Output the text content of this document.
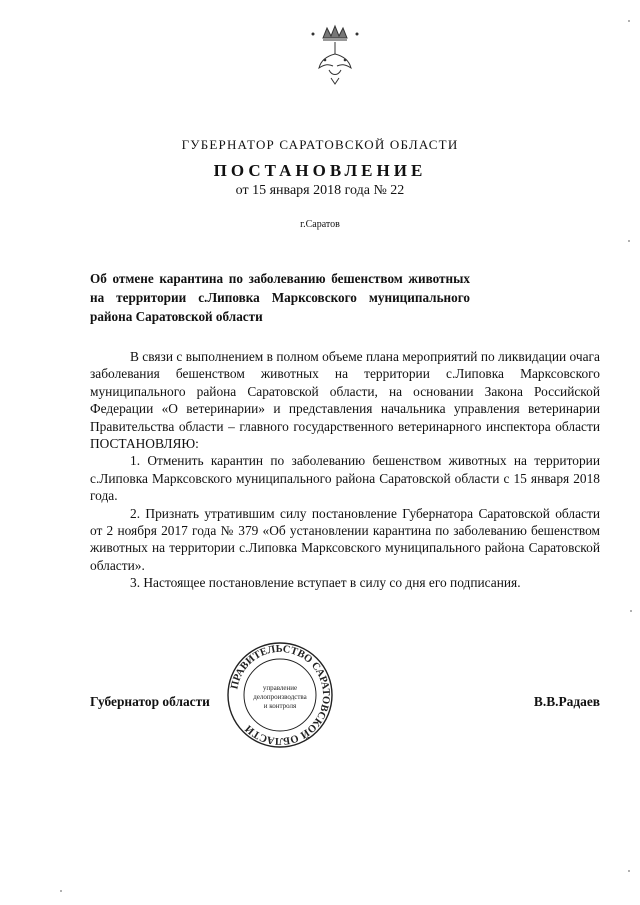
ГУБЕРНАТОР САРАТОВСКОЙ ОБЛАСТИ
ПОСТАНОВЛЕНИЕ
от 15 января 2018 года № 22
г.Саратов
Об отмене карантина по заболеванию бешенством животных на территории с.Липовка Марксовского муниципального района Саратовской области

В связи с выполнением в полном объеме плана мероприятий по ликвидации очага заболевания бешенством животных на территории с.Липовка Марксовского муниципального района Саратовской области, на основании Закона Российской Федерации «О ветеринарии» и представления начальника управления ветеринарии Правительства области – главного государственного ветеринарного инспектора области ПОСТАНОВЛЯЮ:

1. Отменить карантин по заболеванию бешенством животных на территории с.Липовка Марксовского муниципального района Саратовской области с 15 января 2018 года.

2. Признать утратившим силу постановление Губернатора Саратовской области от 2 ноября 2017 года № 379 «Об установлении карантина по заболеванию бешенством животных на территории с.Липовка Марксовского муниципального района Саратовской области».

3. Настоящее постановление вступает в силу со дня его подписания.

ПРАВИТЕЛЬСТВО САРАТОВСКОЙ ОБЛАСТИ
управление
делопроизводства
и контроля
Губернатор области	В.В.Радаев
